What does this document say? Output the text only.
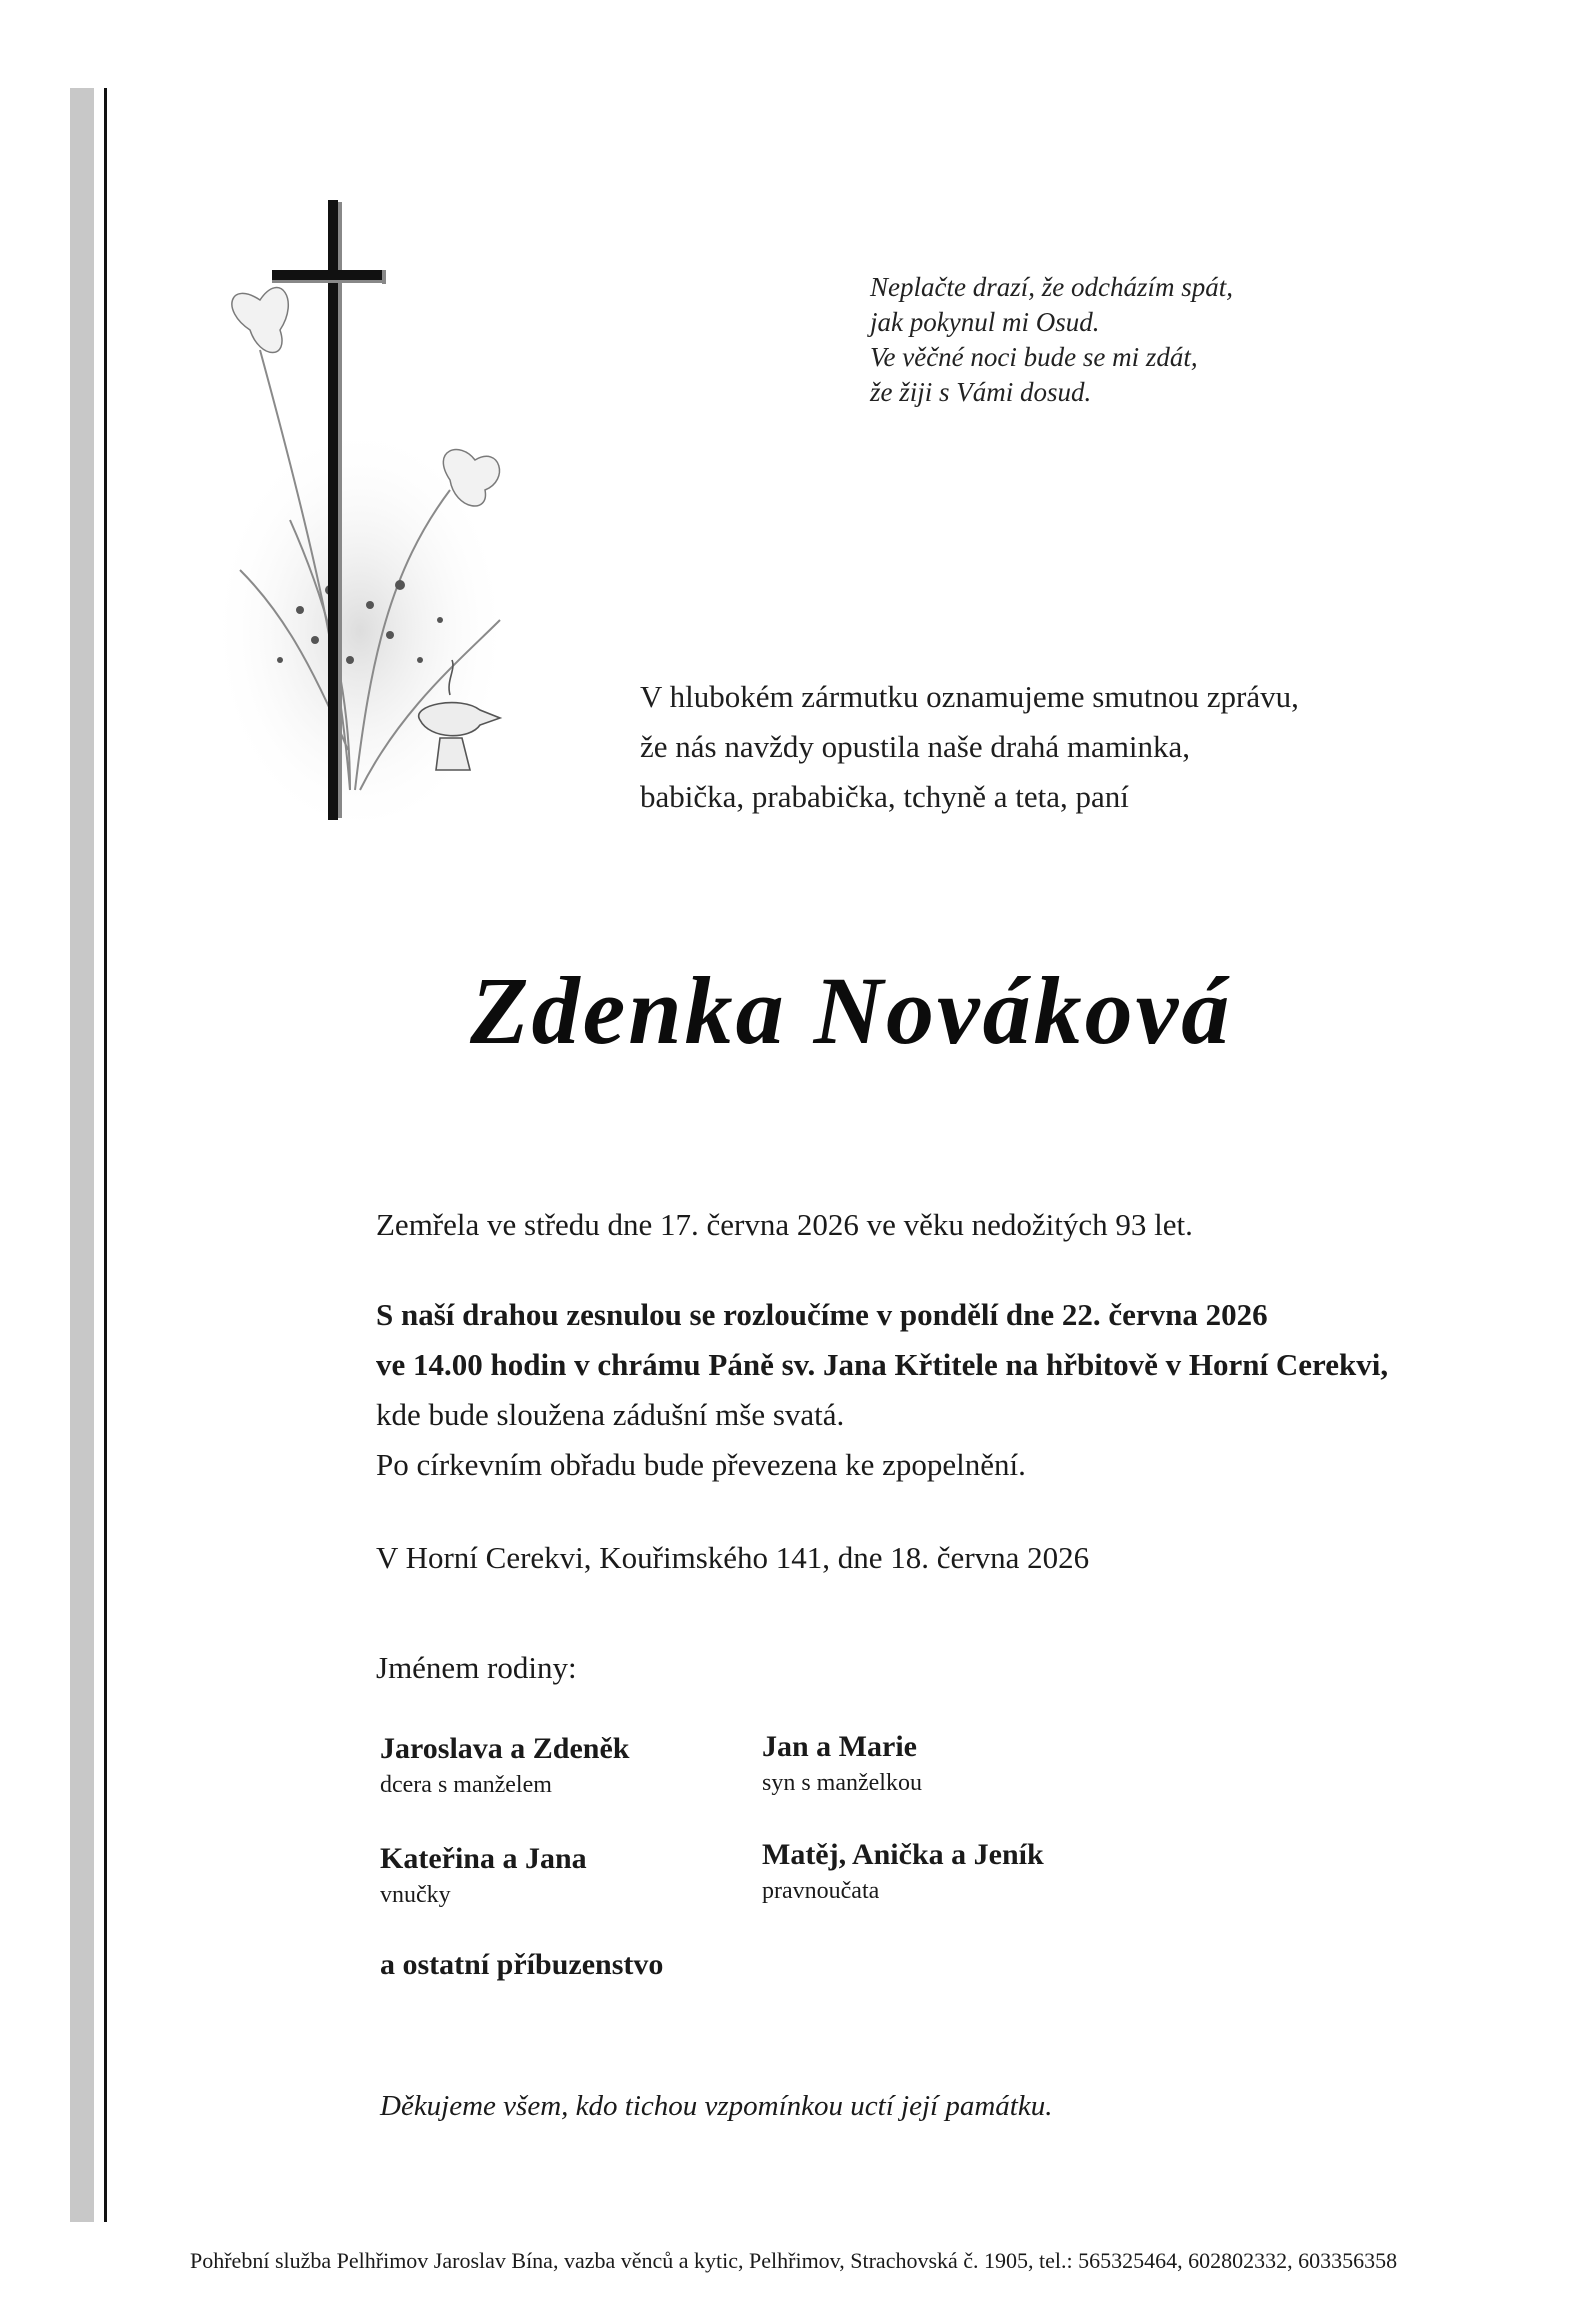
Neplačte drazí, že odcházím spát,
jak pokynul mi Osud.
Ve věčné noci bude se mi zdát,
že žiji s Vámi dosud.
V hlubokém zármutku oznamujeme smutnou zprávu,
že nás navždy opustila naše drahá maminka,
babička, prababička, tchyně a teta, paní
Zdenka Nováková
Zemřela ve středu dne 17. června 2026 ve věku nedožitých 93 let.
S naší drahou zesnulou se rozloučíme v pondělí dne 22. června 2026
ve 14.00 hodin v chrámu Páně sv. Jana Křtitele na hřbitově v Horní Cerekvi,
kde bude sloužena zádušní mše svatá.
Po církevním obřadu bude převezena ke zpopelnění.
V Horní Cerekvi, Kouřimského 141, dne 18. června 2026
Jménem rodiny:
Jaroslava a Zdeněk
dcera s manželem
Jan a Marie
syn s manželkou
Kateřina a Jana
vnučky
Matěj, Anička a Jeník
pravnoučata
a ostatní příbuzenstvo
Děkujeme všem, kdo tichou vzpomínkou uctí její památku.
Pohřební služba Pelhřimov Jaroslav Bína, vazba věnců a kytic, Pelhřimov, Strachovská č. 1905, tel.: 565325464, 602802332, 603356358
